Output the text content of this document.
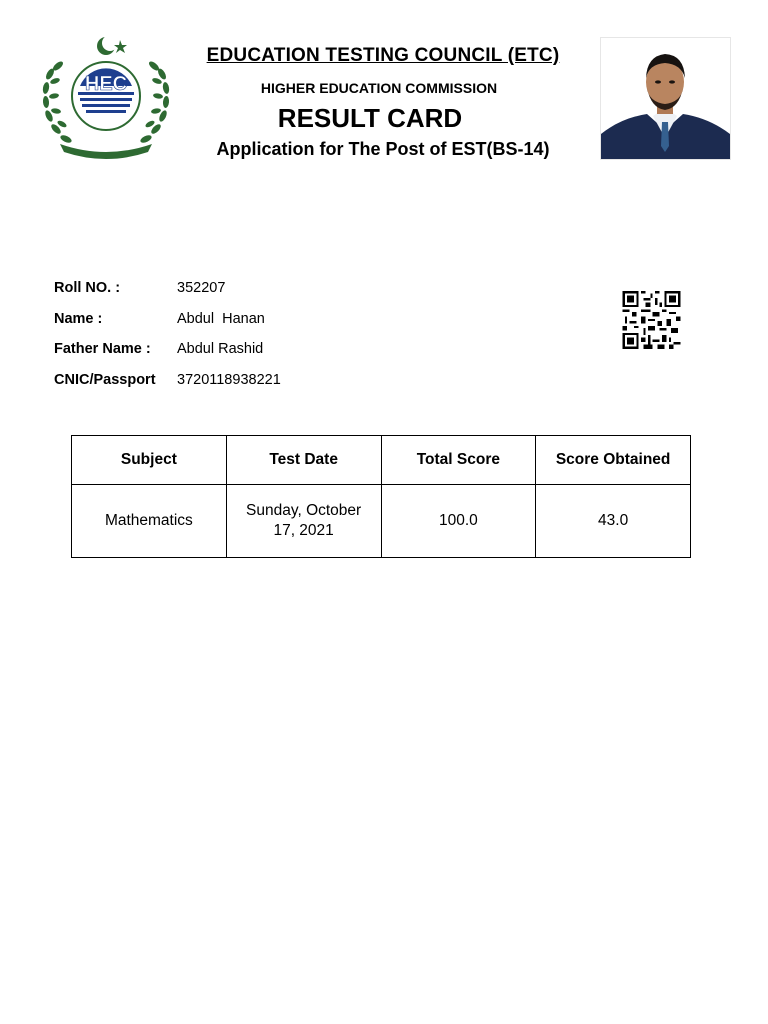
HEC
EDUCATION TESTING COUNCIL (ETC)
HIGHER EDUCATION COMMISSION
RESULT CARD
Application for The Post of EST(BS-14)
Roll NO. :	352207
Name :	Abdul  Hanan
Father Name :	Abdul Rashid
CNIC/Passport	3720118938221
Subject	Test Date	Total Score	Score Obtained
Mathematics	Sunday, October 17, 2021	100.0	43.0
